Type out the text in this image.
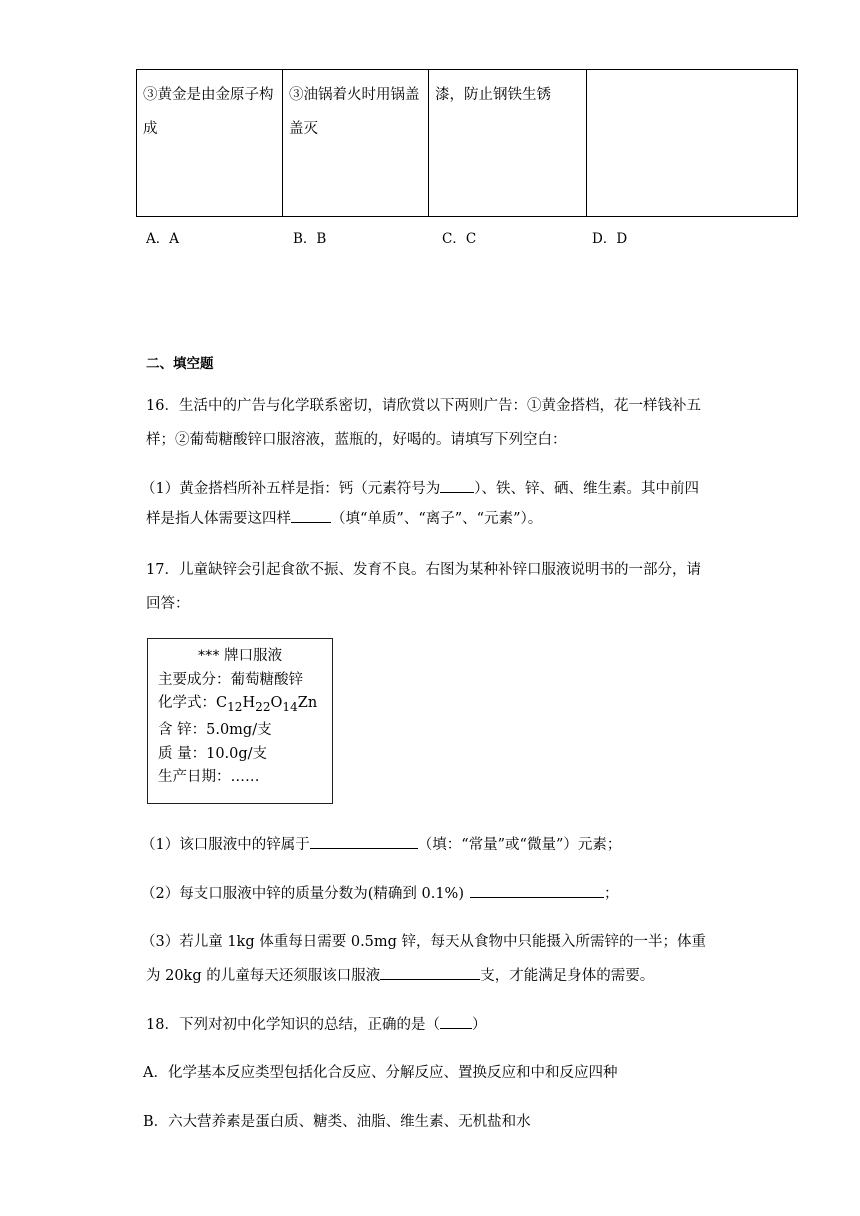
③黄金是由金原子构成	③油锅着火时用锅盖盖灭	漆，防止钢铁生锈	
A．A	B．B	C．C	D．D
二、填空题
16．生活中的广告与化学联系密切，请欣赏以下两则广告：①黄金搭档，花一样钱补五
样；②葡萄糖酸锌口服溶液，蓝瓶的，好喝的。请填写下列空白：
（1）黄金搭档所补五样是指：钙（元素符号为 ）、铁、锌、硒、维生素。其中前四
样是指人体需要这四样	（填“单质”、“离子”、“元素”）。
17．儿童缺锌会引起食欲不振、发育不良。右图为某种补锌口服液说明书的一部分，请
回答：
*** 牌口服液
主要成分：葡萄糖酸锌
化学式：$C_{12}H_{22}O_{14}Zn$
含 锌：5.0mg/支
质 量：10.0g/支
生产日期：……
（1）该口服液中的锌属于	（填：“常量”或“微量”）元素；
（2）每支口服液中锌的质量分数为(精确到 0.1%)	；
（3）若儿童 1kg 体重每日需要 0.5mg 锌，每天从食物中只能摄入所需锌的一半；体重
为 20kg 的儿童每天还须服该口服液	支，才能满足身体的需要。
18．下列对初中化学知识的总结，正确的是（ ）
A．化学基本反应类型包括化合反应、分解反应、置换反应和中和反应四种
B．六大营养素是蛋白质、糖类、油脂、维生素、无机盐和水
